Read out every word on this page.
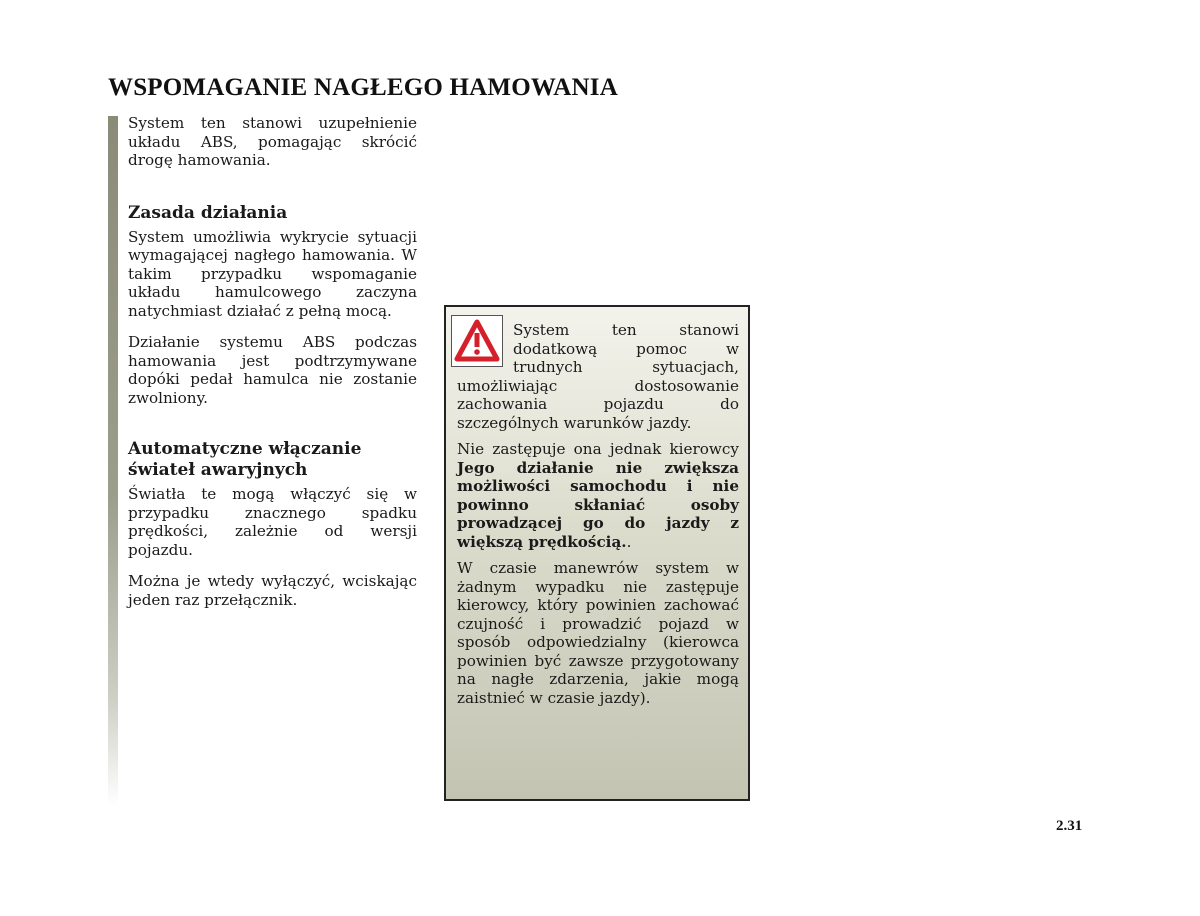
WSPOMAGANIE NAGŁEGO HAMOWANIA

System ten stanowi uzupełnienie układu ABS, pomagając skrócić drogę hamowania.

Zasada działania

System umożliwia wykrycie sytuacji wymagającej nagłego hamowania. W takim przypadku wspomaganie układu hamulcowego zaczyna natychmiast działać z pełną mocą.

Działanie systemu ABS podczas hamowania jest podtrzymywane dopóki pedał hamulca nie zostanie zwolniony.

Automatyczne włączanie świateł awaryjnych

Światła te mogą włączyć się w przypadku znacznego spadku prędkości, zależnie od wersji pojazdu.

Można je wtedy wyłączyć, wciskając jeden raz przełącznik.

System ten stanowi dodatkową pomoc w trudnych sytuacjach, umożliwiając dostosowanie zachowania pojazdu do szczególnych warunków jazdy.

Nie zastępuje ona jednak kierowcy Jego działanie nie zwiększa możliwości samochodu i nie powinno skłaniać osoby prowadzącej go do jazdy z większą prędkością..

W czasie manewrów system w żadnym wypadku nie zastępuje kierowcy, który powinien zachować czujność i prowadzić pojazd w sposób odpowiedzialny (kierowca powinien być zawsze przygotowany na nagłe zdarzenia, jakie mogą zaistnieć w czasie jazdy).

2.31
